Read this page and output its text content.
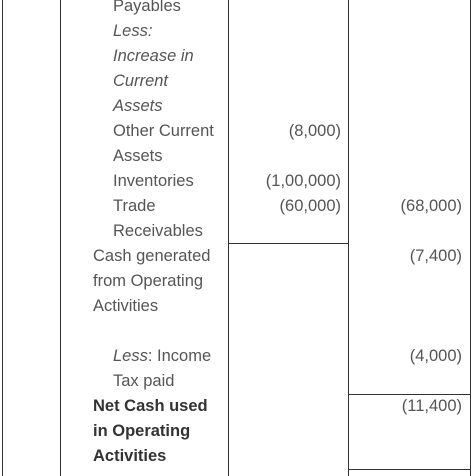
Payables
Less:
Increase in
Current
Assets
Other Current
Assets
Inventories
Trade
Receivables
Cash generated
from Operating
Activities
Less: Income
Tax paid
Net Cash used
in Operating
Activities
(8,000)
(1,00,000)
(60,000)	(68,000)
(7,400)
(4,000)
(11,400)
